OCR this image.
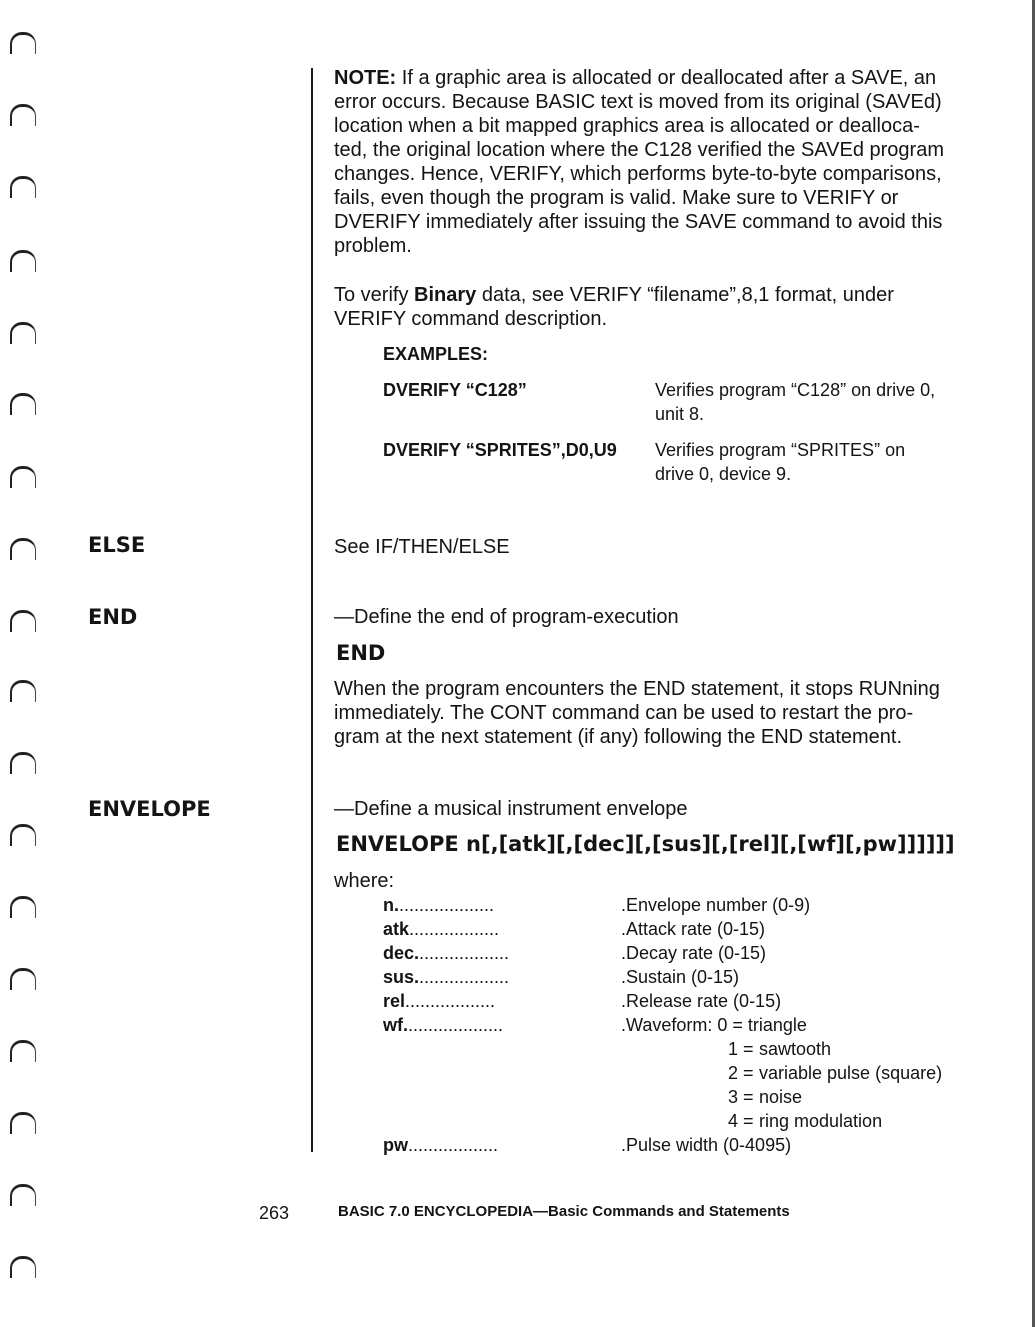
NOTE: If a graphic area is allocated or deallocated after a SAVE, an
error occurs. Because BASIC text is moved from its original (SAVEd)
location when a bit mapped graphics area is allocated or dealloca-
ted, the original location where the C128 verified the SAVEd program
changes. Hence, VERIFY, which performs byte-to-byte comparisons,
fails, even though the program is valid. Make sure to VERIFY or
DVERIFY immediately after issuing the SAVE command to avoid this
problem.
To verify Binary data, see VERIFY “filename”,8,1 format, under
VERIFY command description.
EXAMPLES:
DVERIFY “C128”	Verifies program “C128” on drive 0,
unit 8.
DVERIFY “SPRITES”,D0,U9 Verifies program “SPRITES” on
drive 0, device 9.
ELSE	See IF/THEN/ELSE
END	—Define the end of program-execution
END
When the program encounters the END statement, it stops RUNning
immediately. The CONT command can be used to restart the pro-
gram at the next statement (if any) following the END statement.
ENVELOPE	—Define a musical instrument envelope
ENVELOPE n[,[atk][,[dec][,[sus][,[rel][,[wf][,pw]]]]]]
where:
n....................	.Envelope number (0-9)
atk..................	.Attack rate (0-15)
dec...................	.Decay rate (0-15)
sus...................	.Sustain (0-15)
rel..................	.Release rate (0-15)
wf....................	.Waveform: 0 = triangle
1 = sawtooth
2 = variable pulse (square)
3 = noise
4 = ring modulation
pw..................	.Pulse width (0-4095)
263	BASIC 7.0 ENCYCLOPEDIA—Basic Commands and Statements
